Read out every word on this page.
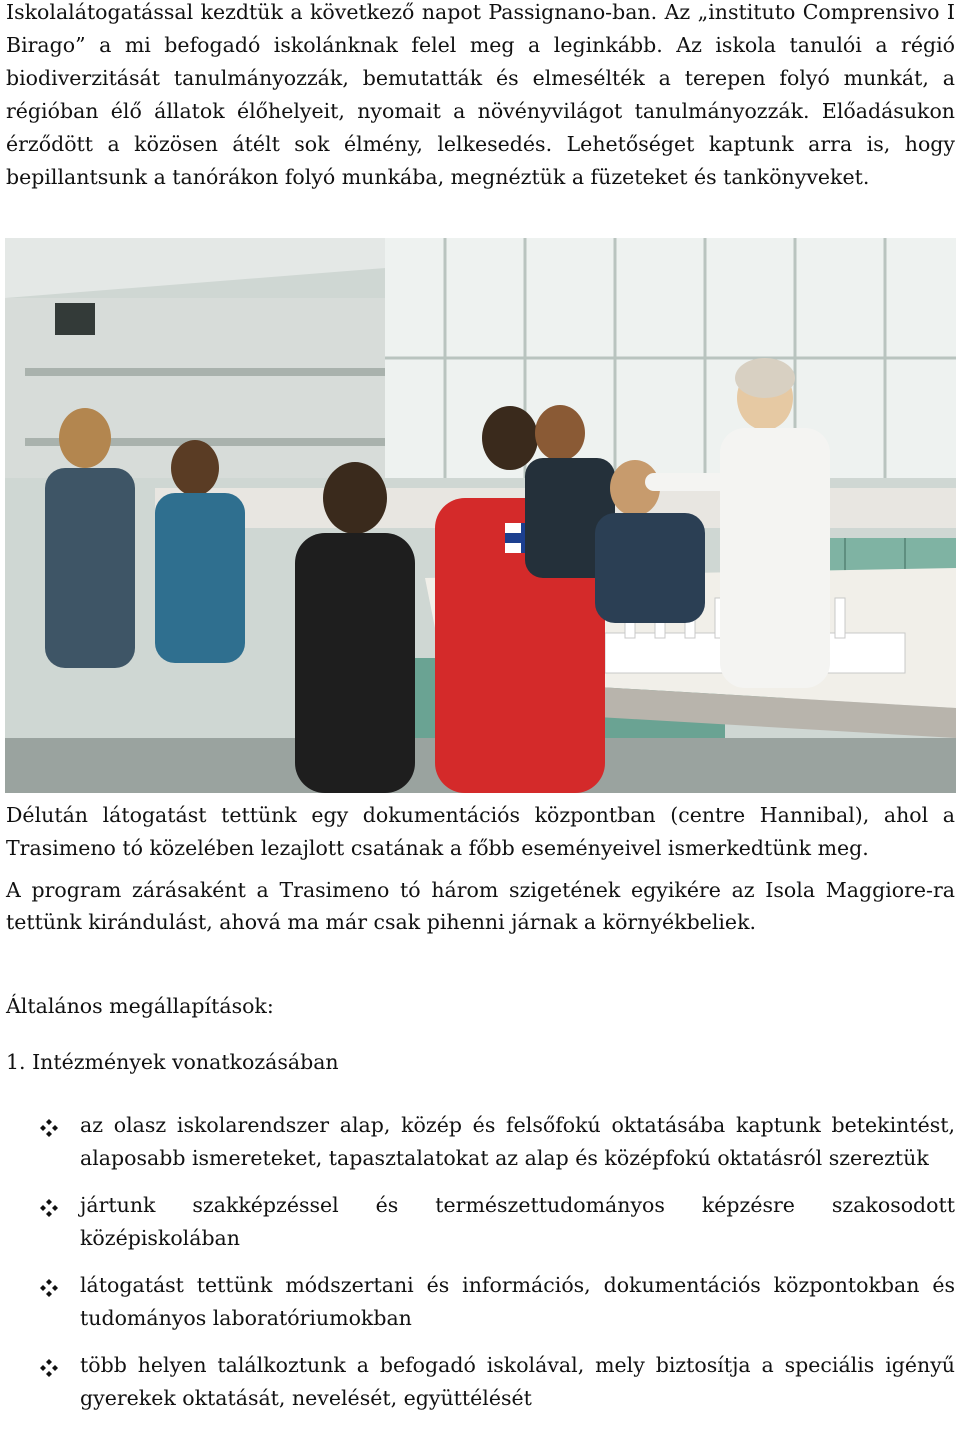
Iskolalátogatással kezdtük a következő napot Passignano-ban. Az „instituto Comprensivo I Birago” a mi befogadó iskolánknak felel meg a leginkább. Az iskola tanulói a régió biodiverzitását tanulmányozzák, bemutatták és elmesélték a terepen folyó munkát, a régióban élő állatok élőhelyeit, nyomait a növényvilágot tanulmányozzák. Előadásukon érződött a közösen átélt sok élmény, lelkesedés. Lehetőséget kaptunk arra is, hogy bepillantsunk a tanórákon folyó munkába, megnéztük a füzeteket és tankönyveket.

Délután látogatást tettünk egy dokumentációs központban (centre Hannibal), ahol a Trasimeno tó közelében lezajlott csatának a főbb eseményeivel ismerkedtünk meg.

A program zárásaként a Trasimeno tó három szigetének egyikére az Isola Maggiore-ra tettünk kirándulást, ahová ma már csak pihenni járnak a környékbeliek.

Általános megállapítások:

1. Intézmények vonatkozásában

az olasz iskolarendszer alap, közép és felsőfokú oktatásába kaptunk betekintést, alaposabb ismereteket, tapasztalatokat az alap és középfokú oktatásról szereztük
jártunk szakképzéssel és természettudományos képzésre szakosodott középiskolában
látogatást tettünk módszertani és információs, dokumentációs központokban és tudományos laboratóriumokban
több helyen találkoztunk a befogadó iskolával, mely biztosítja a speciális igényű gyerekek oktatását, nevelését, együttélését
